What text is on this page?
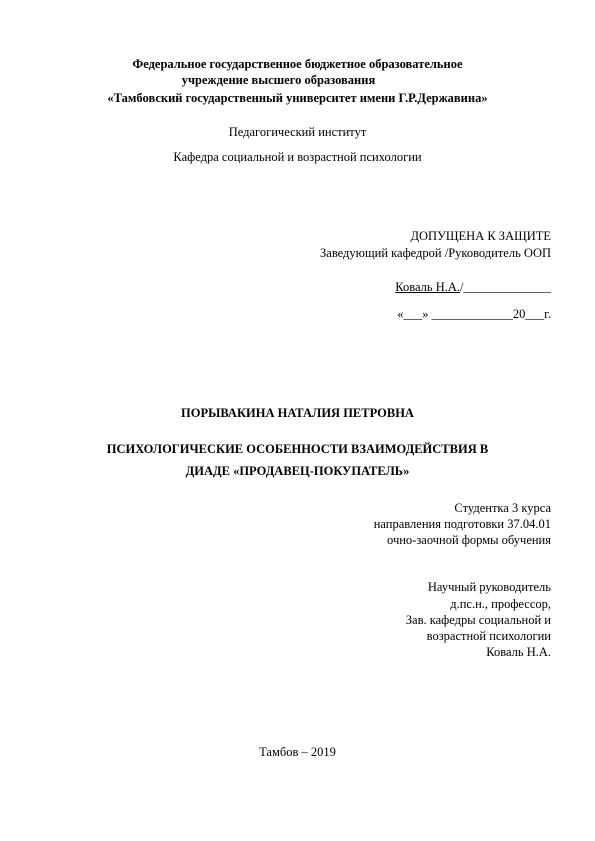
Федеральное государственное бюджетное образовательное
учреждение высшего образования
«Тамбовский государственный университет имени Г.Р.Державина»
Педагогический институт
Кафедра социальной и возрастной психологии
ДОПУЩЕНА К ЗАЩИТЕ
Заведующий кафедрой /Руководитель ООП
Коваль Н.А./______________
«___» _____________20___г.
ПОРЫВАКИНА НАТАЛИЯ ПЕТРОВНА
ПСИХОЛОГИЧЕСКИЕ ОСОБЕННОСТИ ВЗАИМОДЕЙСТВИЯ В
ДИАДЕ «ПРОДАВЕЦ-ПОКУПАТЕЛЬ»
Студентка 3 курса
направления подготовки 37.04.01
очно-заочной формы обучения
Научный руководитель
д.пс.н., профессор,
Зав. кафедры социальной и
возрастной психологии
Коваль Н.А.
Тамбов – 2019
